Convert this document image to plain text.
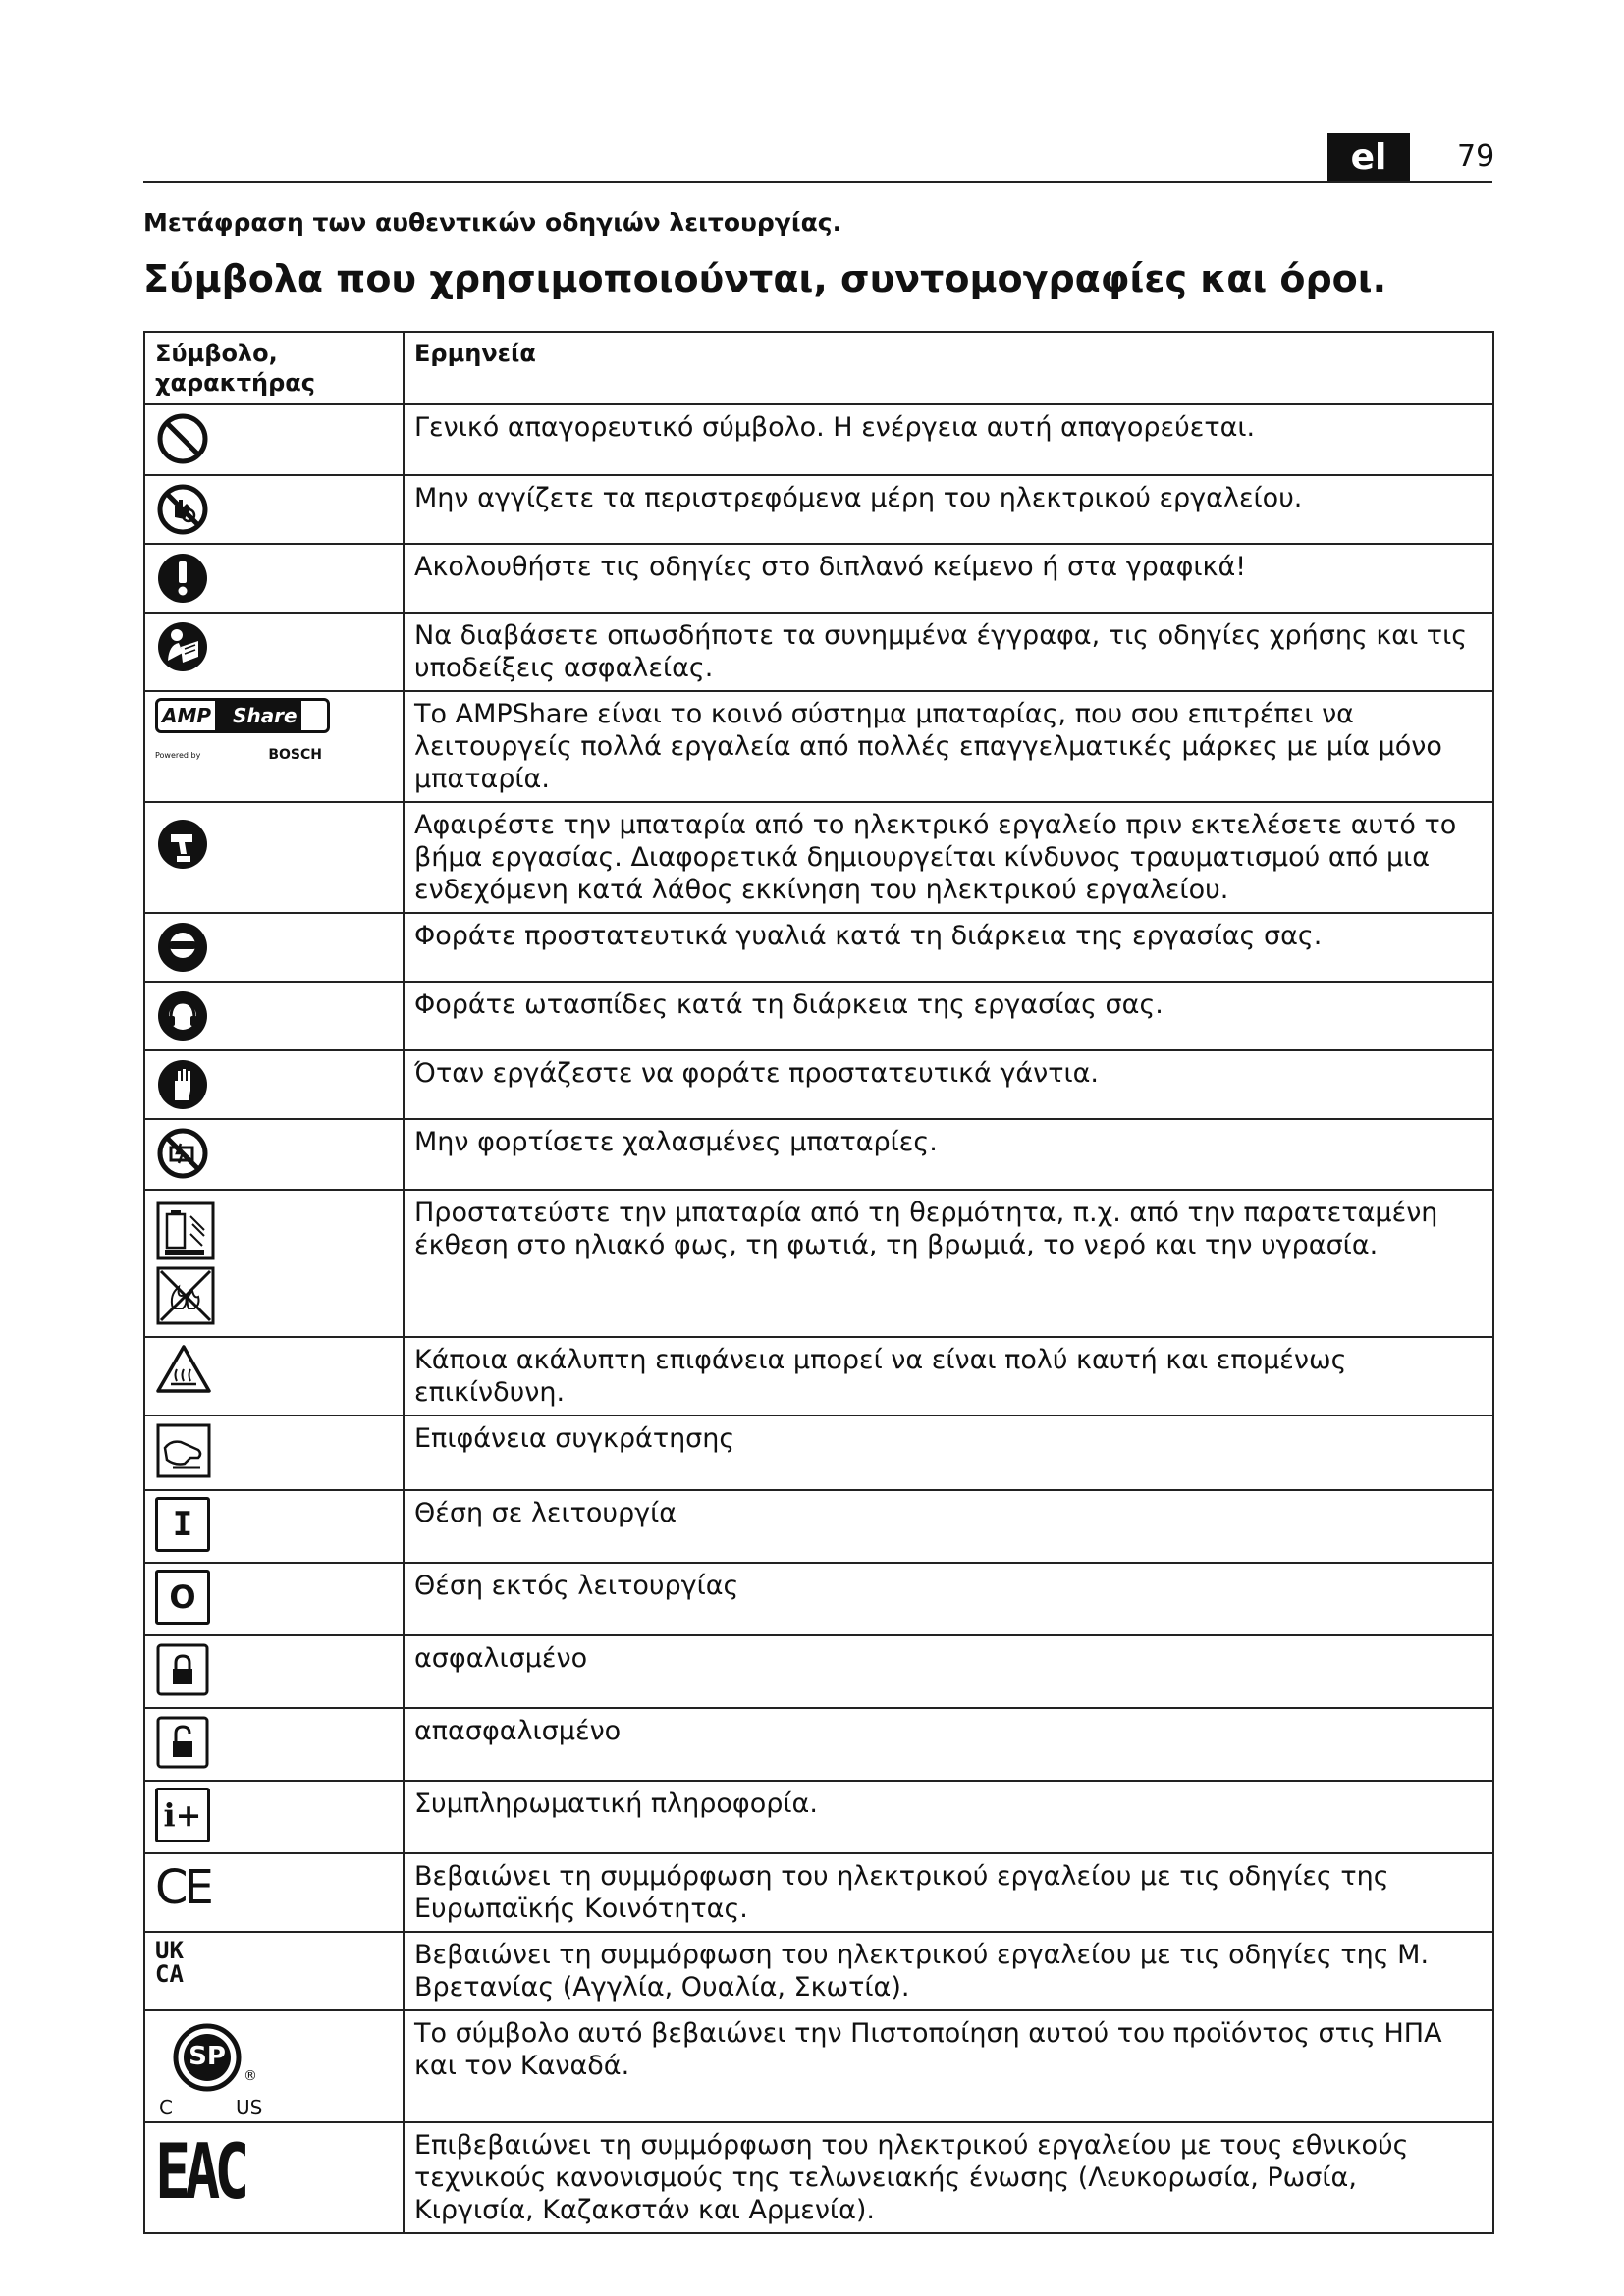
el	79
Μετάφραση των αυθεντικών οδηγιών λειτουργίας.
Σύμβολα που χρησιμοποιούνται, συντομογραφίες και όροι.
Σύμβολο, χαρακτήρας	Ερμηνεία

	Γενικό απαγορευτικό σύμβολο. Η ενέργεια αυτή απαγορεύεται.

	Μην αγγίζετε τα περιστρεφόμενα μέρη του ηλεκτρικού εργαλείου.

	Ακολουθήστε τις οδηγίες στο διπλανό κείμενο ή στα γραφικά!

	Να διαβάσετε οπωσδήποτε τα συνημμένα έγγραφα, τις οδηγίες χρήσης και τις υποδείξεις ασφαλείας.

AMP Share
Powered by BOSCH	Το AMPShare είναι το κοινό σύστημα μπαταρίας, που σου επιτρέπει να λειτουργείς πολλά εργαλεία από πολλές επαγγελματικές μάρκες με μία μόνο μπαταρία.

	Αφαιρέστε την μπαταρία από το ηλεκτρικό εργαλείο πριν εκτελέσετε αυτό το βήμα εργασίας. Διαφορετικά δημιουργείται κίνδυνος τραυματισμού από μια ενδεχόμενη κατά λάθος εκκίνηση του ηλεκτρικού εργαλείου.

	Φοράτε προστατευτικά γυαλιά κατά τη διάρκεια της εργασίας σας.

	Φοράτε ωτασπίδες κατά τη διάρκεια της εργασίας σας.

	Όταν εργάζεστε να φοράτε προστατευτικά γάντια.

	Μην φορτίσετε χαλασμένες μπαταρίες.

	Προστατεύστε την μπαταρία από τη θερμότητα, π.χ. από την παρατεταμένη έκθεση στο ηλιακό φως, τη φωτιά, τη βρωμιά, το νερό και την υγρασία.

	Κάποια ακάλυπτη επιφάνεια μπορεί να είναι πολύ καυτή και επομένως επικίνδυνη.

	Επιφάνεια συγκράτησης

I	Θέση σε λειτουργία

O	Θέση εκτός λειτουργίας

	ασφαλισμένο

	απασφαλισμένο

i+	Συμπληρωματική πληροφορία.

CE	Βεβαιώνει τη συμμόρφωση του ηλεκτρικού εργαλείου με τις οδηγίες της Ευρωπαϊκής Κοινότητας.

UK
CA	Βεβαιώνει τη συμμόρφωση του ηλεκτρικού εργαλείου με τις οδηγίες της Μ. Βρετανίας (Αγγλία, Ουαλία, Σκωτία).

SP
®
C US	Το σύμβολο αυτό βεβαιώνει την Πιστοποίηση αυτού του προϊόντος στις ΗΠΑ και τον Καναδά.

EAC	Επιβεβαιώνει τη συμμόρφωση του ηλεκτρικού εργαλείου με τους εθνικούς τεχνικούς κανονισμούς της τελωνειακής ένωσης (Λευκορωσία, Ρωσία, Κιργισία, Καζακστάν και Αρμενία).
